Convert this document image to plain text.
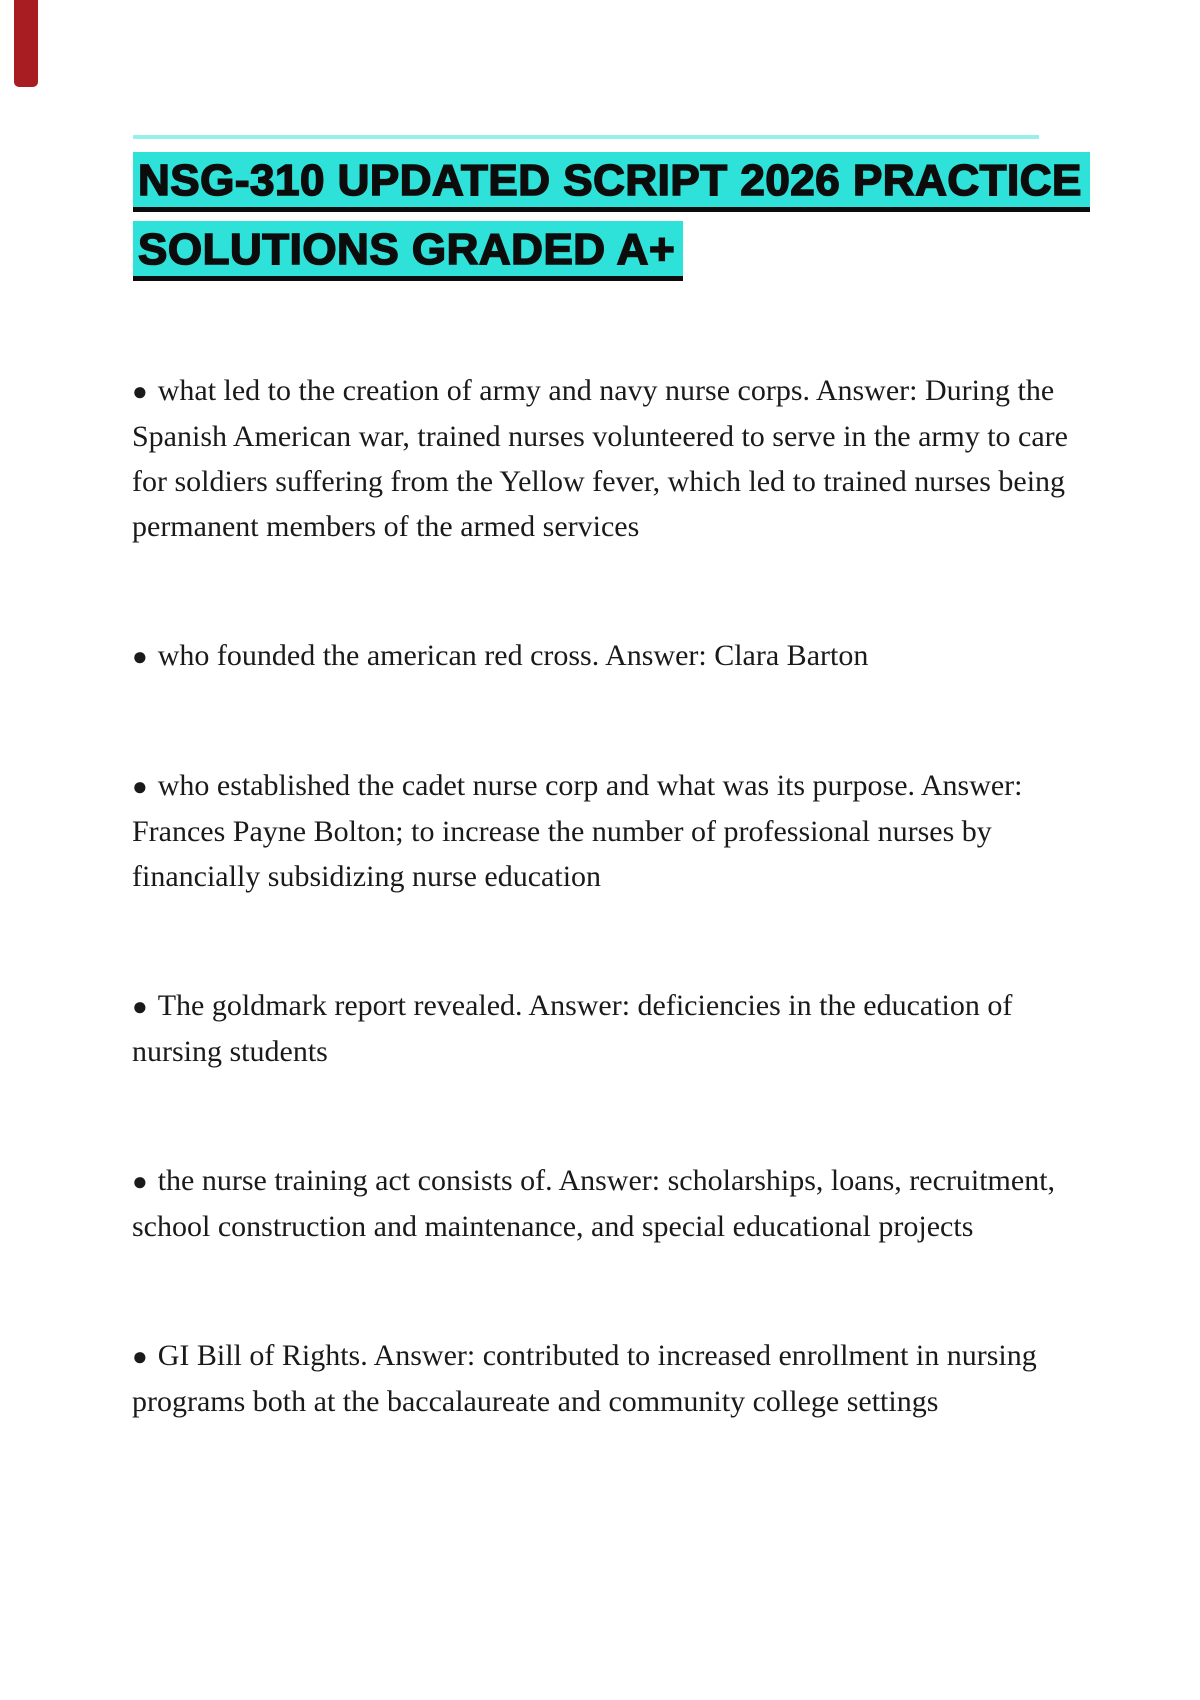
NSG-310 UPDATED SCRIPT 2026 PRACTICE
SOLUTIONS GRADED A+

● what led to the creation of army and navy nurse corps. Answer: During the Spanish American war, trained nurses volunteered to serve in the army to care for soldiers suffering from the Yellow fever, which led to trained nurses being permanent members of the armed services

● who founded the american red cross. Answer: Clara Barton

● who established the cadet nurse corp and what was its purpose. Answer: Frances Payne Bolton; to increase the number of professional nurses by financially subsidizing nurse education

● The goldmark report revealed. Answer: deficiencies in the education of nursing students

● the nurse training act consists of. Answer: scholarships, loans, recruitment, school construction and maintenance, and special educational projects

● GI Bill of Rights. Answer: contributed to increased enrollment in nursing programs both at the baccalaureate and community college settings
